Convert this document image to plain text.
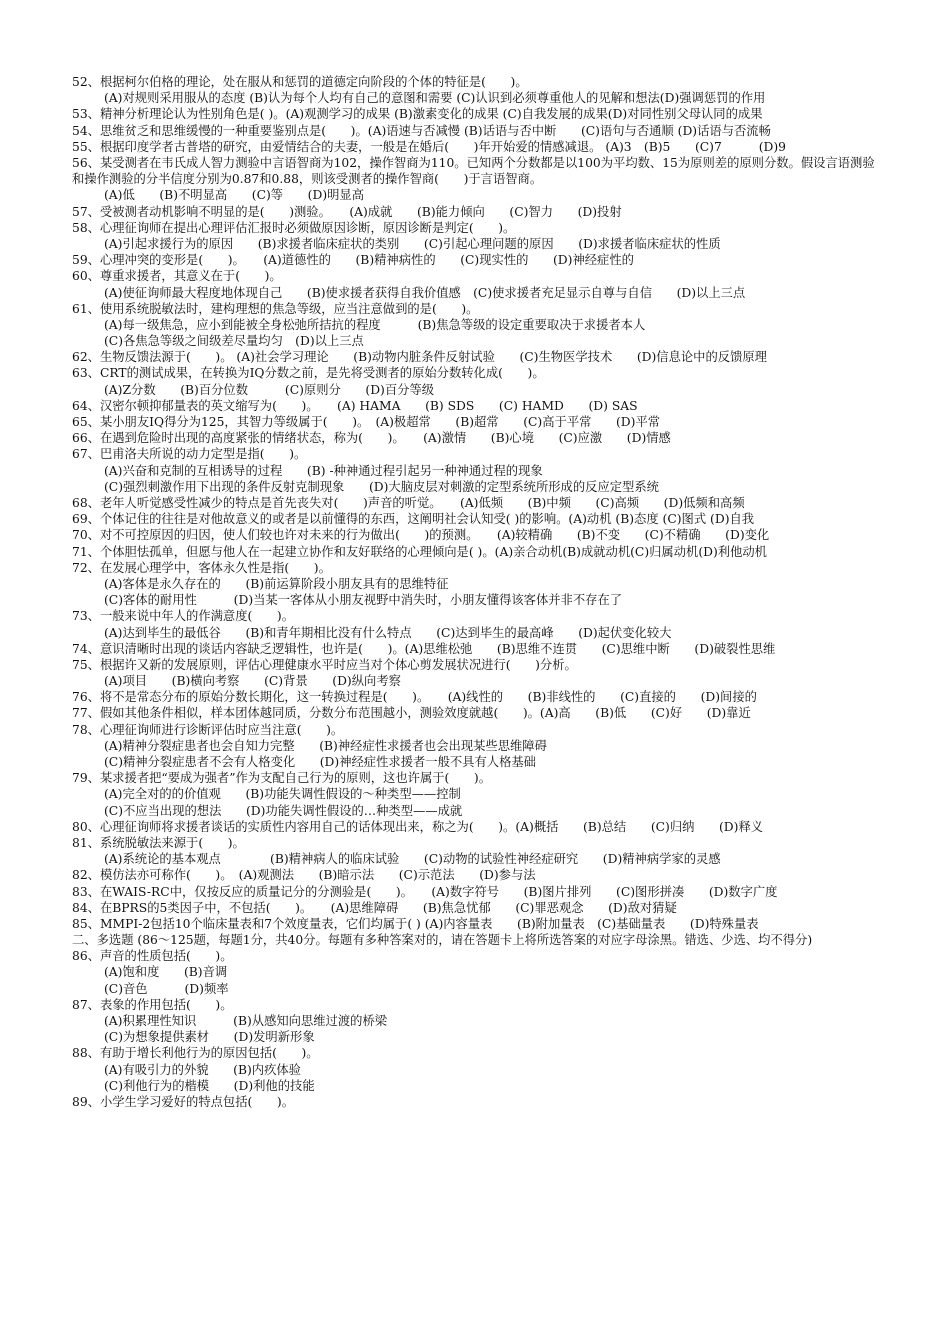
52、根据柯尔伯格的理论，处在服从和惩罚的道德定向阶段的个体的特征是(　　)。
(A)对规则采用服从的态度 (B)认为每个人均有自己的意图和需要 (C)认识到必须尊重他人的见解和想法(D)强调惩罚的作用
53、精神分析理论认为性别角色是( )。(A)观测学习的成果 (B)激素变化的成果 (C)自我发展的成果(D)对同性别父母认同的成果
54、思维贫乏和思维缓慢的一种重要鉴别点是(　　)。(A)语速与否减慢 (B)话语与否中断　　(C)语句与否通顺 (D)话语与否流畅
55、根据印度学者古普塔的研究，由爱情结合的夫妻，一般是在婚后(　　)年开始爱的情感减退。 (A)3　(B)5　　(C)7　　　(D)9
56、某受测者在韦氏成人智力测验中言语智商为102，操作智商为110。已知两个分数都是以100为平均数、15为原则差的原则分数。假设言语测验和操作测验的分半信度分别为0.87和0.88，则该受测者的操作智商(　　)于言语智商。
(A)低　　(B)不明显高　　(C)等　　(D)明显高
57、受被测者动机影响不明显的是(　　)测验。　　(A)成就　　(B)能力倾向　　(C)智力　　(D)投射
58、心理征询师在提出心理评估汇报时必须做原因诊断，原因诊断是判定(　　)。
(A)引起求援行为的原因　　(B)求援者临床症状的类别　　(C)引起心理问题的原因　　(D)求援者临床症状的性质
59、心理冲突的变形是(　　)。　　(A)道德性的　　(B)精神病性的　　(C)现实性的　　(D)神经症性的
60、尊重求援者，其意义在于(　　)。
(A)使征询师最大程度地体现自己　　(B)使求援者获得自我价值感　(C)使求援者充足显示自尊与自信　　(D)以上三点
61、使用系统脱敏法时，建构理想的焦急等级，应当注意做到的是(　　)。
(A)每一级焦急，应小到能被全身松弛所拮抗的程度　　　(B)焦急等级的设定重要取决于求援者本人
(C)各焦急等级之间级差尽量均匀　(D)以上三点
62、生物反馈法源于(　　)。 (A)社会学习理论　　(B)动物内脏条件反射试验　　(C)生物医学技术　　(D)信息论中的反馈原理
63、CRT的测试成果，在转换为IQ分数之前，是先将受测者的原始分数转化成(　　)。
(A)Z分数　　(B)百分位数　　　(C)原则分　　(D)百分等级
64、汉密尔顿抑郁量表的英文缩写为(　　)。　　(A) HAMA　　(B) SDS　　(C) HAMD　　(D) SAS
65、某小朋友IQ得分为125，其智力等级属于(　　)。　(A)极超常　　(B)超常　　(C)高于平常　　(D)平常
66、在遇到危险时出现的高度紧张的情绪状态，称为(　　)。　　(A)激情　　(B)心境　　(C)应激　　(D)情感
67、巴甫洛夫所说的动力定型是指(　　)。
(A)兴奋和克制的互相诱导的过程　　(B) -种神通过程引起另一种神通过程的现象
(C)强烈刺激作用下出现的条件反射克制现象　　(D)大脑皮层对刺激的定型系统所形成的反应定型系统
68、老年人听觉感受性减少的特点是首先丧失对(　　)声音的听觉。　　(A)低频　　(B)中频　　(C)高频　　(D)低频和高频
69、个体记住的往往是对他故意义的或者是以前懂得的东西，这阐明社会认知受( )的影响。(A)动机 (B)态度 (C)图式 (D)自我
70、对不可控原因的归因，使人们较也许对未来的行为做出(　　)的预测。　　(A)较精确　　(B)不变　　(C)不精确　　(D)变化
71、个体胆怯孤单，但愿与他人在一起建立协作和友好联络的心理倾向是( )。(A)亲合动机(B)成就动机(C)归属动机(D)利他动机
72、在发展心理学中，客体永久性是指(　　)。
(A)客体是永久存在的　　(B)前运算阶段小朋友具有的思维特征
(C)客体的耐用性　　　(D)当某一客体从小朋友视野中消失时，小朋友懂得该客体并非不存在了
73、一般来说中年人的作满意度(　　)。
(A)达到毕生的最低谷　　(B)和青年期相比没有什么特点　　(C)达到毕生的最高峰　　(D)起伏变化较大
74、意识清晰时出现的谈话内容缺乏逻辑性，也许是(　　)。(A)思维松弛　　(B)思维不连贯　　(C)思维中断　　(D)破裂性思维
75、根据许又新的发展原则，评估心理健康水平时应当对个体心剪发展状况进行(　　)分析。
(A)项目　　(B)横向考察　　(C)背景　　(D)纵向考察
76、将不是常态分布的原始分数长期化，这一转换过程是(　　)。　　(A)线性的　　(B)非线性的　　(C)直接的　　(D)间接的
77、假如其他条件相似，样本团体越同质，分数分布范围越小，测验效度就越(　　)。(A)高　　(B)低　　(C)好　　(D)靠近
78、心理征询师进行诊断评估时应当注意(　　)。
(A)精神分裂症患者也会自知力完整　　(B)神经症性求援者也会出现某些思维障碍
(C)精神分裂症患者不会有人格变化　　(D)神经症性求援者一般不具有人格基础
79、某求援者把“要成为强者”作为支配自己行为的原则，这也许属于(　　)。
(A)完全对的的价值观　　(B)功能失调性假设的～种类型——控制
(C)不应当出现的想法　　(D)功能失调性假设的…种类型——成就
80、心理征询师将求援者谈话的实质性内容用自己的话体现出来，称之为(　　)。(A)概括　　(B)总结　　(C)归纳　　(D)释义
81、系统脱敏法来源于(　　)。
(A)系统论的基本观点　　　　(B)精神病人的临床试验　　(C)动物的试验性神经症研究　　(D)精神病学家的灵感
82、模仿法亦可称作(　　)。　(A)观测法　　(B)暗示法　　(C)示范法　　(D)参与法
83、在WAIS-RC中，仅按反应的质量记分的分测验是(　　)。　　(A)数字符号　　(B)图片排列　　(C)图形拼凑　　(D)数字广度
84、在BPRS的5类因子中，不包括(　　)。　　(A)思维障碍　　(B)焦急忧郁　　(C)罪恶观念　　(D)敌对猜疑
85、MMPI-2包括10个临床量表和7个效度量表，它们均属于( ) (A)内容量表　　(B)附加量表　(C)基础量表　　(D)特殊量表
二、多选题 (86～125题，每题1分，共40分。每题有多种答案对的，请在答题卡上将所选答案的对应字母涂黑。错选、少选、均不得分)
86、声音的性质包括(　　)。
(A)饱和度　　(B)音调
(C)音色　　　(D)频率
87、表象的作用包括(　　)。
(A)积累理性知识　　　(B)从感知向思维过渡的桥梁
(C)为想象提供素材　　(D)发明新形象
88、有助于增长利他行为的原因包括(　　)。
(A)有吸引力的外貌　　(B)内疚体验
(C)利他行为的楷模　　(D)利他的技能
89、小学生学习爱好的特点包括(　　)。
